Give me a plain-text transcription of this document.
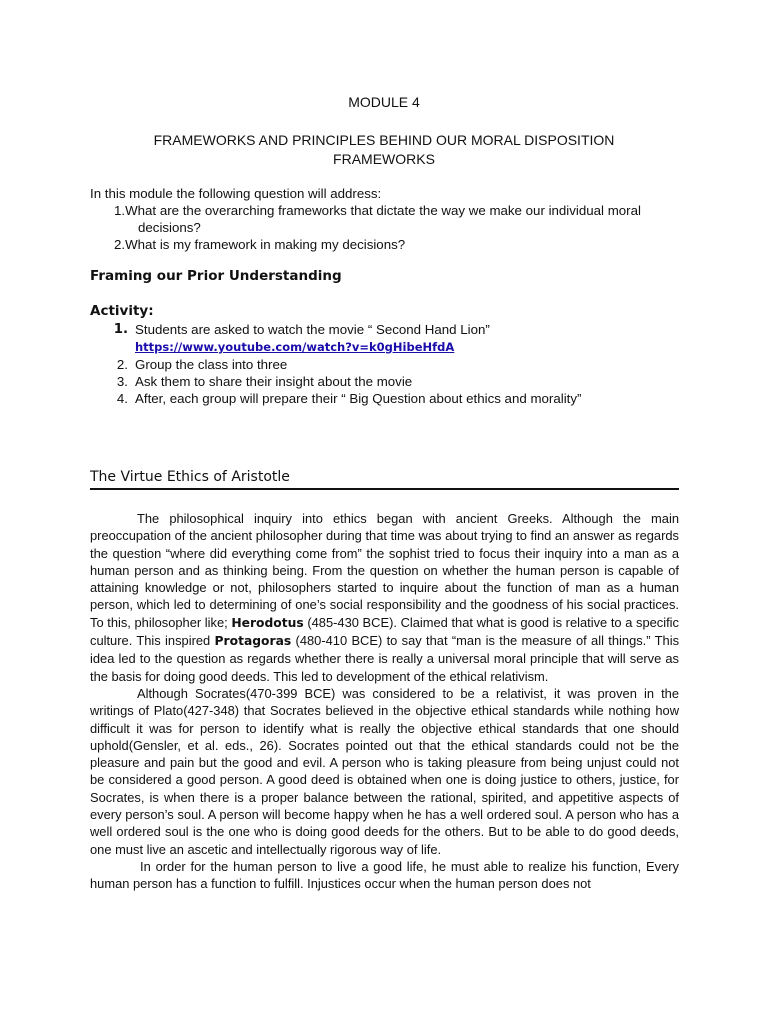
MODULE 4
FRAMEWORKS AND PRINCIPLES BEHIND OUR MORAL DISPOSITION FRAMEWORKS
In this module the following question will address:
1.What are the overarching frameworks that dictate the way we make our individual moral
decisions?
2.What is my framework in making my decisions?
Framing our Prior Understanding
Activity:
1. Students are asked to watch the movie “ Second Hand Lion”
https://www.youtube.com/watch?v=k0gHibeHfdA
2. Group the class into three
3. Ask them to share their insight about the movie
4. After, each group will prepare their “ Big Question about ethics and morality”
The Virtue Ethics of Aristotle

The philosophical inquiry into ethics began with ancient Greeks. Although the main preoccupation of the ancient philosopher during that time was about trying to find an answer as regards the question “where did everything come from” the sophist tried to focus their inquiry into a man as a human person and as thinking being. From the question on whether the human person is capable of attaining knowledge or not, philosophers started to inquire about the function of man as a human person, which led to determining of one’s social responsibility and the goodness of his social practices. To this, philosopher like; Herodotus (485-430 BCE). Claimed that what is good is relative to a specific culture. This inspired Protagoras (480-410 BCE) to say that “man is the measure of all things.” This idea led to the question as regards whether there is really a universal moral principle that will serve as the basis for doing good deeds. This led to development of the ethical relativism.

Although Socrates(470-399 BCE) was considered to be a relativist, it was proven in the writings of Plato(427-348) that Socrates believed in the objective ethical standards while nothing how difficult it was for person to identify what is really the objective ethical standards that one should uphold(Gensler, et al. eds., 26). Socrates pointed out that the ethical standards could not be the pleasure and pain but the good and evil. A person who is taking pleasure from being unjust could not be considered a good person. A good deed is obtained when one is doing justice to others, justice, for Socrates, is when there is a proper balance between the rational, spirited, and appetitive aspects of every person’s soul. A person will become happy when he has a well ordered soul. A person who has a well ordered soul is the one who is doing good deeds for the others. But to be able to do good deeds, one must live an ascetic and intellectually rigorous way of life.

In order for the human person to live a good life, he must able to realize his function, Every human person has a function to fulfill. Injustices occur when the human person does not
